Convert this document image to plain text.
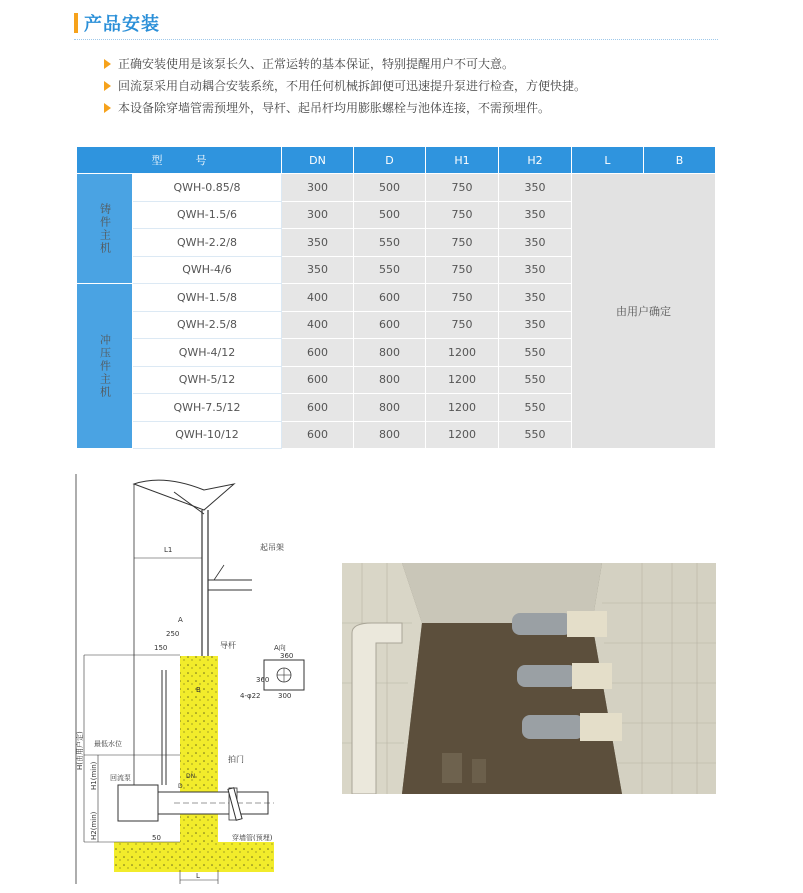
产品安装
正确安装使用是该泵长久、正常运转的基本保证，特别提醒用户不可大意。
回流泵采用自动耦合安装系统，不用任何机械拆卸便可迅速提升泵进行检查，方便快捷。
本设备除穿墙管需预埋外，导杆、起吊杆均用膨胀螺栓与池体连接，不需预埋件。
型　　　号		DN	D	H1	H2	L	B
铸件主机	QWH-0.85/8	300	500	750	350	由用户确定	
	QWH-1.5/6	300	500	750	350		
	QWH-2.2/8	350	550	750	350		
	QWH-4/6	350	550	750	350		
冲压件主机	QWH-1.5/8	400	600	750	350		
	QWH-2.5/8	400	600	750	350		
	QWH-4/12	600	800	1200	550		
	QWH-5/12	600	800	1200	550		
	QWH-7.5/12	600	800	1200	550		
	QWH-10/12	600	800	1200	550		
起吊架
导杆	A向
360
360
300
4-φ22
250
150
L1
A
B
H(由用户定) 最低水位
H1(min) 回流泵
拍门
H2(min)	50	穿墙管(预埋)
L
DN
D
